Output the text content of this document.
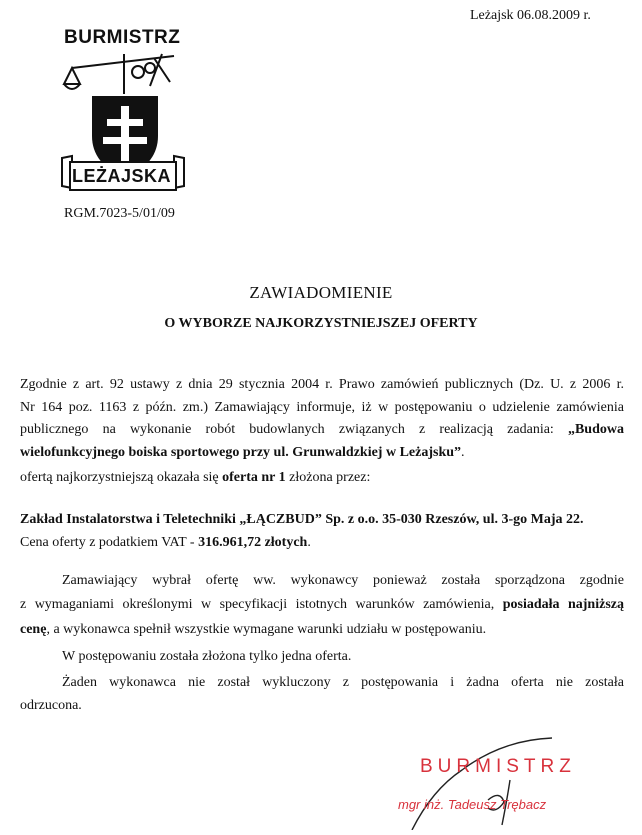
Leżajsk 06.08.2009 r.
BURMISTRZ
LEŻAJSKA
RGM.7023-5/01/09
ZAWIADOMIENIE
O WYBORZE NAJKORZYSTNIEJSZEJ OFERTY
Zgodnie z art. 92 ustawy z dnia 29 stycznia 2004 r. Prawo zamówień publicznych (Dz. U. z 2006 r.
Nr 164 poz. 1163 z późn. zm.) Zamawiający informuje, iż w postępowaniu o udzielenie zamówienia
publicznego na wykonanie robót budowlanych związanych z realizacją zadania: „Budowa
wielofunkcyjnego boiska sportowego przy ul. Grunwaldzkiej w Leżajsku”.
ofertą najkorzystniejszą okazała się oferta nr 1 złożona przez:
Zakład Instalatorstwa i Teletechniki „ŁĄCZBUD” Sp. z o.o. 35-030 Rzeszów, ul. 3-go Maja 22.
Cena oferty z podatkiem VAT - 316.961,72 złotych.
Zamawiający wybrał ofertę ww. wykonawcy ponieważ została sporządzona zgodnie
z wymaganiami określonymi w specyfikacji istotnych warunków zamówienia, posiadała najniższą
cenę, a wykonawca spełnił wszystkie wymagane warunki udziału w postępowaniu.
W postępowaniu została złożona tylko jedna oferta.
Żaden wykonawca nie został wykluczony z postępowania i żadna oferta nie została
odrzucona.
BURMISTRZ
mgr inż. Tadeusz Trębacz
